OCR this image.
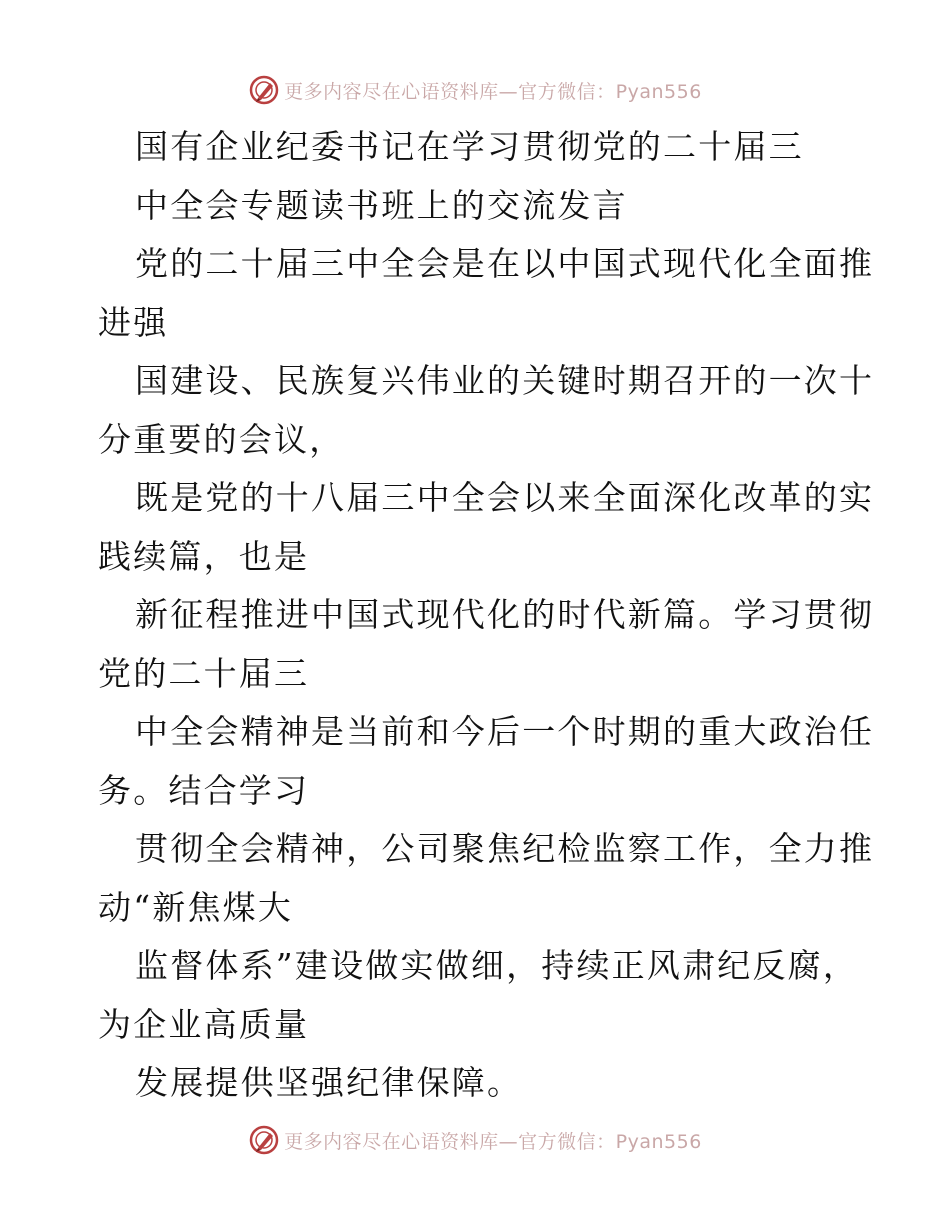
更多内容尽在心语资料库—官方微信：Pyan556
国有企业纪委书记在学习贯彻党的二十届三
中全会专题读书班上的交流发言
党的二十届三中全会是在以中国式现代化全面推
进强
国建设、民族复兴伟业的关键时期召开的一次十
分重要的会议，
既是党的十八届三中全会以来全面深化改革的实
践续篇，也是
新征程推进中国式现代化的时代新篇。学习贯彻
党的二十届三
中全会精神是当前和今后一个时期的重大政治任
务。结合学习
贯彻全会精神，公司聚焦纪检监察工作，全力推
动“新焦煤大
监督体系”建设做实做细，持续正风肃纪反腐，
为企业高质量
发展提供坚强纪律保障。
更多内容尽在心语资料库—官方微信：Pyan556
